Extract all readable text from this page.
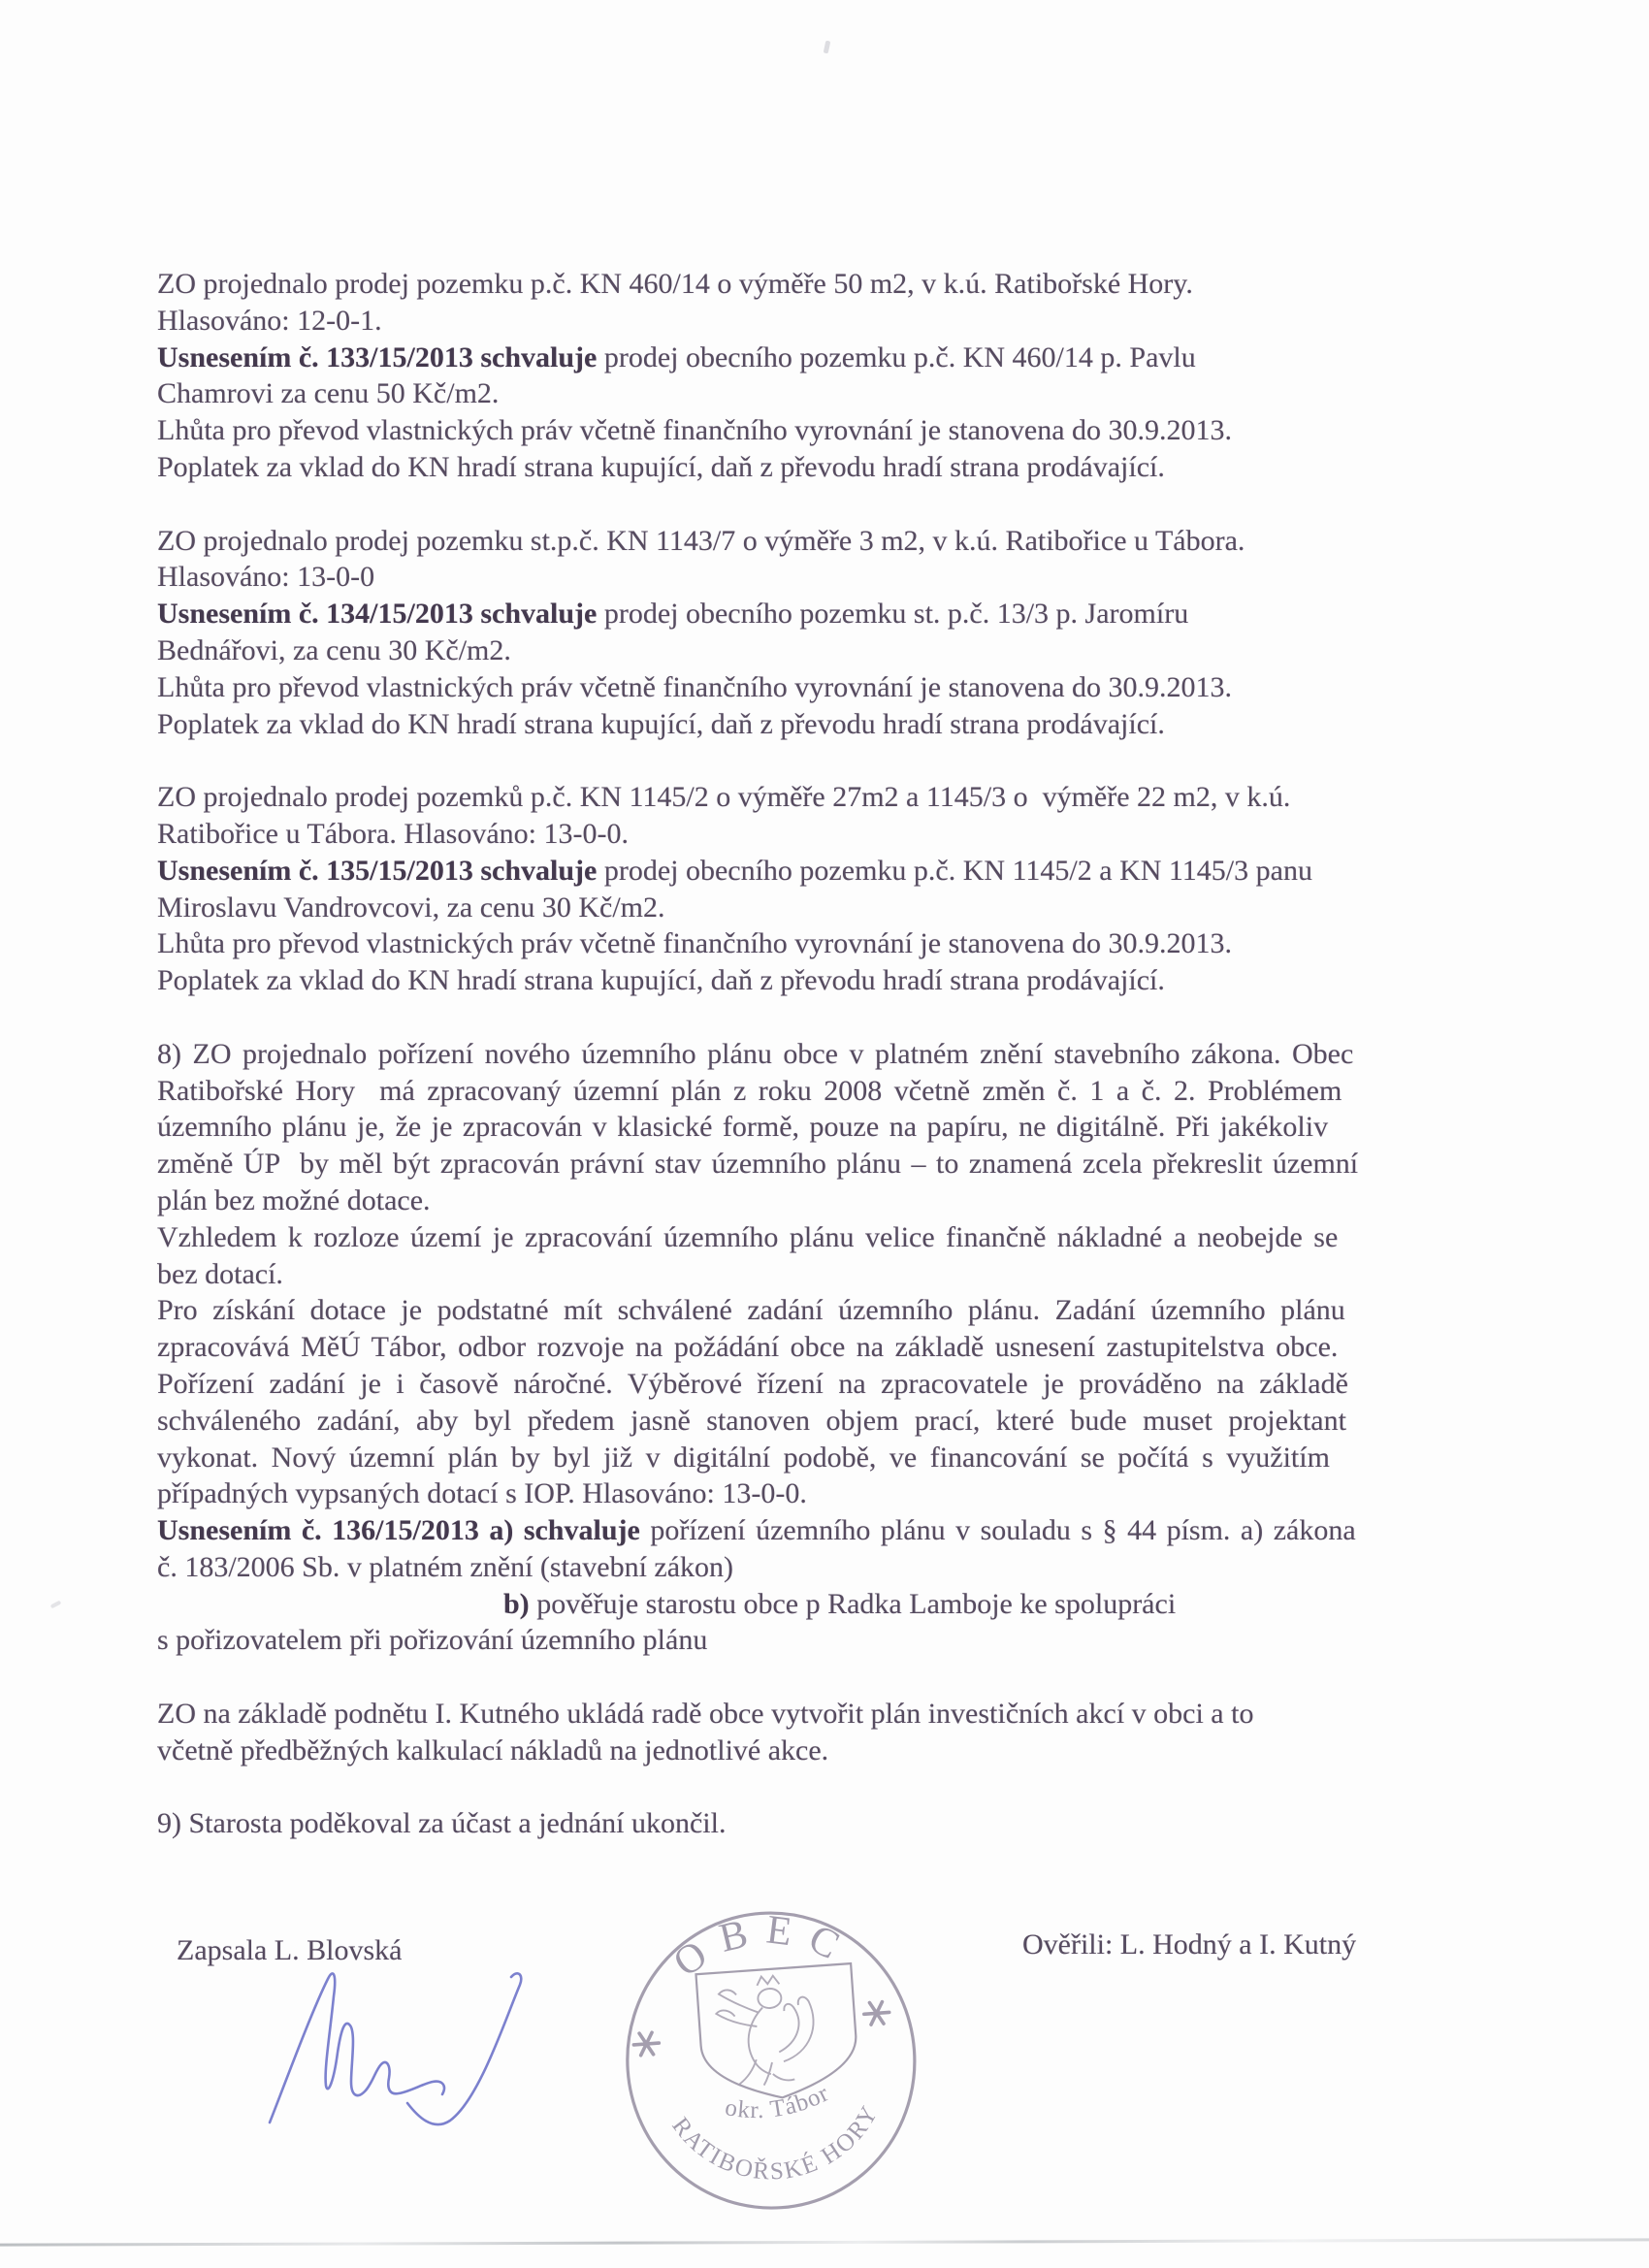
ZO projednalo prodej pozemku p.č. KN 460/14 o výměře 50 m2, v k.ú. Ratibořské Hory.
Hlasováno: 12-0-1.
Usnesením č. 133/15/2013 schvaluje prodej obecního pozemku p.č. KN 460/14 p. Pavlu
Chamrovi za cenu 50 Kč/m2.
Lhůta pro převod vlastnických práv včetně finančního vyrovnání je stanovena do 30.9.2013.
Poplatek za vklad do KN hradí strana kupující, daň z převodu hradí strana prodávající.
ZO projednalo prodej pozemku st.p.č. KN 1143/7 o výměře 3 m2, v k.ú. Ratibořice u Tábora.
Hlasováno: 13-0-0
Usnesením č. 134/15/2013 schvaluje prodej obecního pozemku st. p.č. 13/3 p. Jaromíru
Bednářovi, za cenu 30 Kč/m2.
Lhůta pro převod vlastnických práv včetně finančního vyrovnání je stanovena do 30.9.2013.
Poplatek za vklad do KN hradí strana kupující, daň z převodu hradí strana prodávající.
ZO projednalo prodej pozemků p.č. KN 1145/2 o výměře 27m2 a 1145/3 o  výměře 22 m2, v k.ú.
Ratibořice u Tábora. Hlasováno: 13-0-0.
Usnesením č. 135/15/2013 schvaluje prodej obecního pozemku p.č. KN 1145/2 a KN 1145/3 panu
Miroslavu Vandrovcovi, za cenu 30 Kč/m2.
Lhůta pro převod vlastnických práv včetně finančního vyrovnání je stanovena do 30.9.2013.
Poplatek za vklad do KN hradí strana kupující, daň z převodu hradí strana prodávající.
8) ZO projednalo pořízení nového územního plánu obce v platném znění stavebního zákona. Obec
Ratibořské Hory  má zpracovaný územní plán z roku 2008 včetně změn č. 1 a č. 2. Problémem
územního plánu je, že je zpracován v klasické formě, pouze na papíru, ne digitálně. Při jakékoliv
změně ÚP  by měl být zpracován právní stav územního plánu – to znamená zcela překreslit územní
plán bez možné dotace.
Vzhledem k rozloze území je zpracování územního plánu velice finančně nákladné a neobejde se
bez dotací.
Pro získání dotace je podstatné mít schválené zadání územního plánu. Zadání územního plánu
zpracovává MěÚ Tábor, odbor rozvoje na požádání obce na základě usnesení zastupitelstva obce.
Pořízení zadání je i časově náročné. Výběrové řízení na zpracovatele je prováděno na základě
schváleného zadání, aby byl předem jasně stanoven objem prací, které bude muset projektant
vykonat. Nový územní plán by byl již v digitální podobě, ve financování se počítá s využitím
případných vypsaných dotací s IOP. Hlasováno: 13-0-0.
Usnesením č. 136/15/2013 a) schvaluje pořízení územního plánu v souladu s § 44 písm. a) zákona
č. 183/2006 Sb. v platném znění (stavební zákon)
b) pověřuje starostu obce p Radka Lamboje ke spolupráci
s pořizovatelem při pořizování územního plánu
ZO na základě podnětu I. Kutného ukládá radě obce vytvořit plán investičních akcí v obci a to
včetně předběžných kalkulací nákladů na jednotlivé akce.
9) Starosta poděkoval za účast a jednání ukončil.
Zapsala L. Blovská	Ověřili: L. Hodný a I. Kutný
OBEC
RATIBOŘSKÉ HORY
okr. Tábor
